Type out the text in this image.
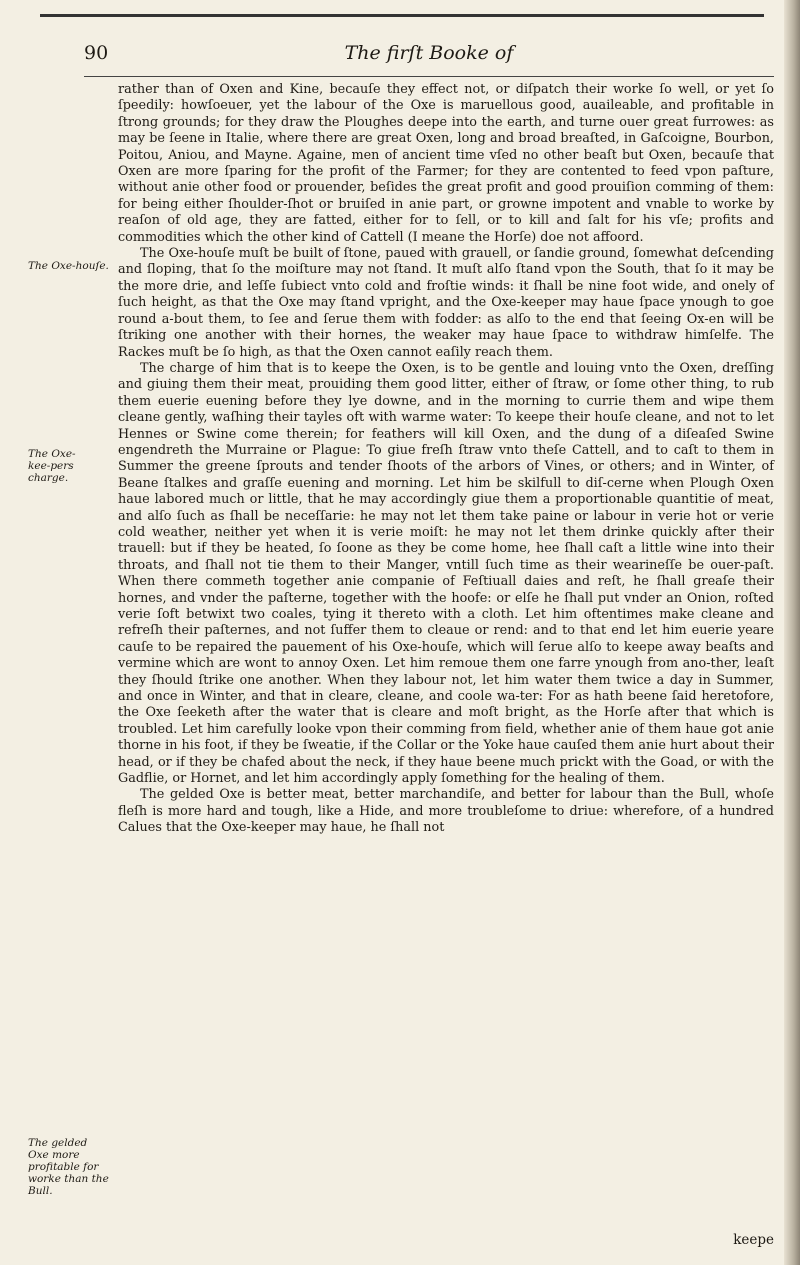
90	The firſt Booke of
The Oxe-houſe.
The Oxe-kee-pers charge.
The gelded Oxe more profitable for worke than the Bull.

rather than of Oxen and Kine, becauſe they effect not, or diſpatch their worke ſo well, or yet ſo ſpeedily: howſoeuer, yet the labour of the Oxe is maruellous good, auaileable, and profitable in ſtrong grounds; for they draw the Ploughes deepe into the earth, and turne ouer great furrowes: as may be ſeene in Italie, where there are great Oxen, long and broad breaſted, in Gaſcoigne, Bourbon, Poitou, Aniou, and Mayne. Againe, men of ancient time vſed no other beaſt but Oxen, becauſe that Oxen are more ſparing for the profit of the Farmer; for they are contented to feed vpon paſture, without anie other food or prouender, beſides the great profit and good prouiſion comming of them: for being either ſhoulder-ſhot or bruiſed in anie part, or growne impotent and vnable to worke by reaſon of old age, they are fatted, either for to ſell, or to kill and ſalt for his vſe; profits and commodities which the other kind of Cattell (I meane the Horſe) doe not affoord.

The Oxe-houſe muſt be built of ſtone, paued with grauell, or ſandie ground, ſomewhat deſcending and ſloping, that ſo the moiſture may not ſtand. It muſt alſo ſtand vpon the South, that ſo it may be the more drie, and leſſe ſubiect vnto cold and froſtie winds: it ſhall be nine foot wide, and onely of ſuch height, as that the Oxe may ſtand vpright, and the Oxe-keeper may haue ſpace ynough to goe round a-bout them, to ſee and ſerue them with fodder: as alſo to the end that ſeeing Ox-en will be ſtriking one another with their hornes, the weaker may haue ſpace to withdraw himſelfe. The Rackes muſt be ſo high, as that the Oxen cannot eaſily reach them.

The charge of him that is to keepe the Oxen, is to be gentle and louing vnto the Oxen, dreſſing and giuing them their meat, prouiding them good litter, either of ſtraw, or ſome other thing, to rub them euerie euening before they lye downe, and in the morning to currie them and wipe them cleane gently, waſhing their tayles oft with warme water: To keepe their houſe cleane, and not to let Hennes or Swine come therein; for feathers will kill Oxen, and the dung of a diſeaſed Swine engendreth the Murraine or Plague: To giue freſh ſtraw vnto theſe Cattell, and to caſt to them in Summer the greene ſprouts and tender ſhoots of the arbors of Vines, or others; and in Winter, of Beane ſtalkes and graſſe euening and morning. Let him be skilfull to diſ-cerne when Plough Oxen haue labored much or little, that he may accordingly giue them a proportionable quantitie of meat, and alſo ſuch as ſhall be neceſſarie: he may not let them take paine or labour in verie hot or verie cold weather, neither yet when it is verie moiſt: he may not let them drinke quickly after their trauell: but if they be heated, ſo ſoone as they be come home, hee ſhall caſt a little wine into their throats, and ſhall not tie them to their Manger, vntill ſuch time as their wearineſſe be ouer-paſt. When there commeth together anie companie of Feſtiuall daies and reſt, he ſhall greaſe their hornes, and vnder the paſterne, together with the hoofe: or elſe he ſhall put vnder an Onion, roſted verie ſoft betwixt two coales, tying it thereto with a cloth. Let him oftentimes make cleane and refreſh their paſternes, and not ſuffer them to cleaue or rend: and to that end let him euerie yeare cauſe to be repaired the pauement of his Oxe-houſe, which will ſerue alſo to keepe away beaſts and vermine which are wont to annoy Oxen. Let him remoue them one farre ynough from ano-ther, leaſt they ſhould ſtrike one another. When they labour not, let him water them twice a day in Summer, and once in Winter, and that in cleare, cleane, and coole wa-ter: For as hath beene ſaid heretofore, the Oxe ſeeketh after the water that is cleare and moſt bright, as the Horſe after that which is troubled. Let him carefully looke vpon their comming from field, whether anie of them haue got anie thorne in his foot, if they be ſweatie, if the Collar or the Yoke haue cauſed them anie hurt about their head, or if they be chafed about the neck, if they haue beene much prickt with the Goad, or with the Gadflie, or Hornet, and let him accordingly apply ſomething for the healing of them.

The gelded Oxe is better meat, better marchandiſe, and better for labour than the Bull, whoſe fleſh is more hard and tough, like a Hide, and more troubleſome to driue: wherefore, of a hundred Calues that the Oxe-keeper may haue, he ſhall not

keepe
